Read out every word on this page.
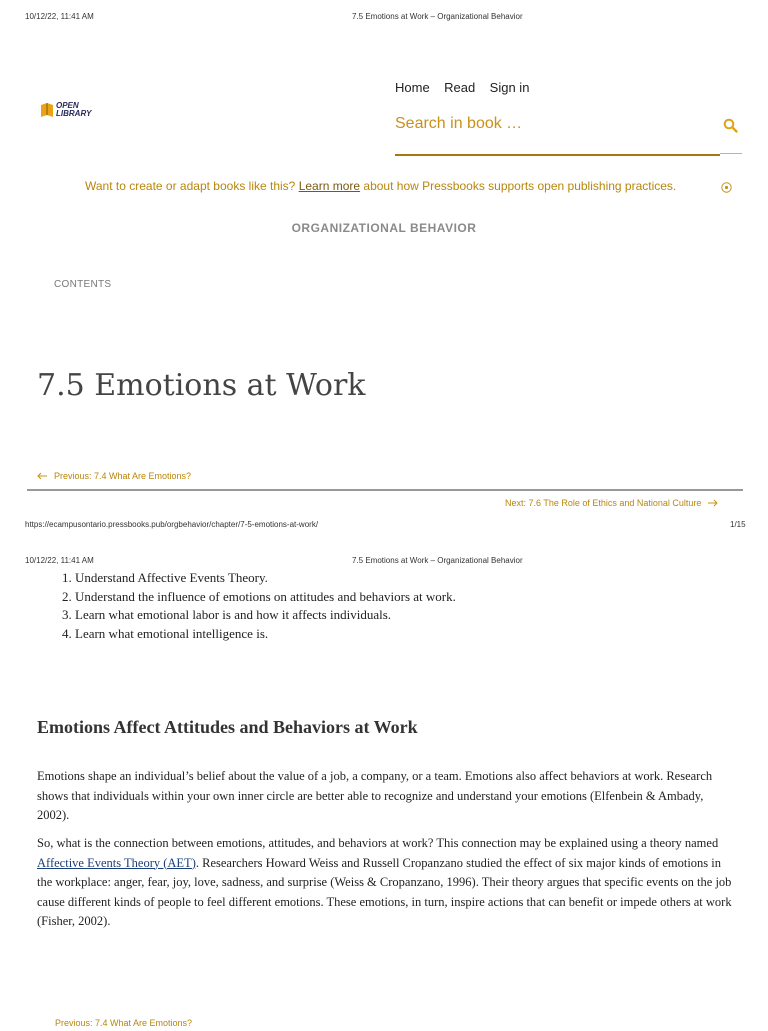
10/12/22, 11:41 AM	7.5 Emotions at Work – Organizational Behavior
OPEN
LIBRARY
Home Read Sign in
Search in book …
Want to create or adapt books like this? Learn more about how Pressbooks supports open publishing practices.
ORGANIZATIONAL BEHAVIOR
CONTENTS
7.5 Emotions at Work
Previous: 7.4 What Are Emotions?
Next: 7.6 The Role of Ethics and National Culture
https://ecampusontario.pressbooks.pub/orgbehavior/chapter/7-5-emotions-at-work/	1/15
10/12/22, 11:41 AM	7.5 Emotions at Work – Organizational Behavior
1. Understand Affective Events Theory.
2. Understand the influence of emotions on attitudes and behaviors at work.
3. Learn what emotional labor is and how it affects individuals.
4. Learn what emotional intelligence is.
Emotions Affect Attitudes and Behaviors at Work

Emotions shape an individual’s belief about the value of a job, a company, or a team. Emotions also affect behaviors at work. Research shows that individuals within your own inner circle are better able to recognize and understand your emotions (Elfenbein & Ambady, 2002).

So, what is the connection between emotions, attitudes, and behaviors at work? This connection may be explained using a theory named Affective Events Theory (AET). Researchers Howard Weiss and Russell Cropanzano studied the effect of six major kinds of emotions in the workplace: anger, fear, joy, love, sadness, and surprise (Weiss & Cropanzano, 1996). Their theory argues that specific events on the job cause different kinds of people to feel different emotions. These emotions, in turn, inspire actions that can benefit or impede others at work (Fisher, 2002).

Previous: 7.4 What Are Emotions?
